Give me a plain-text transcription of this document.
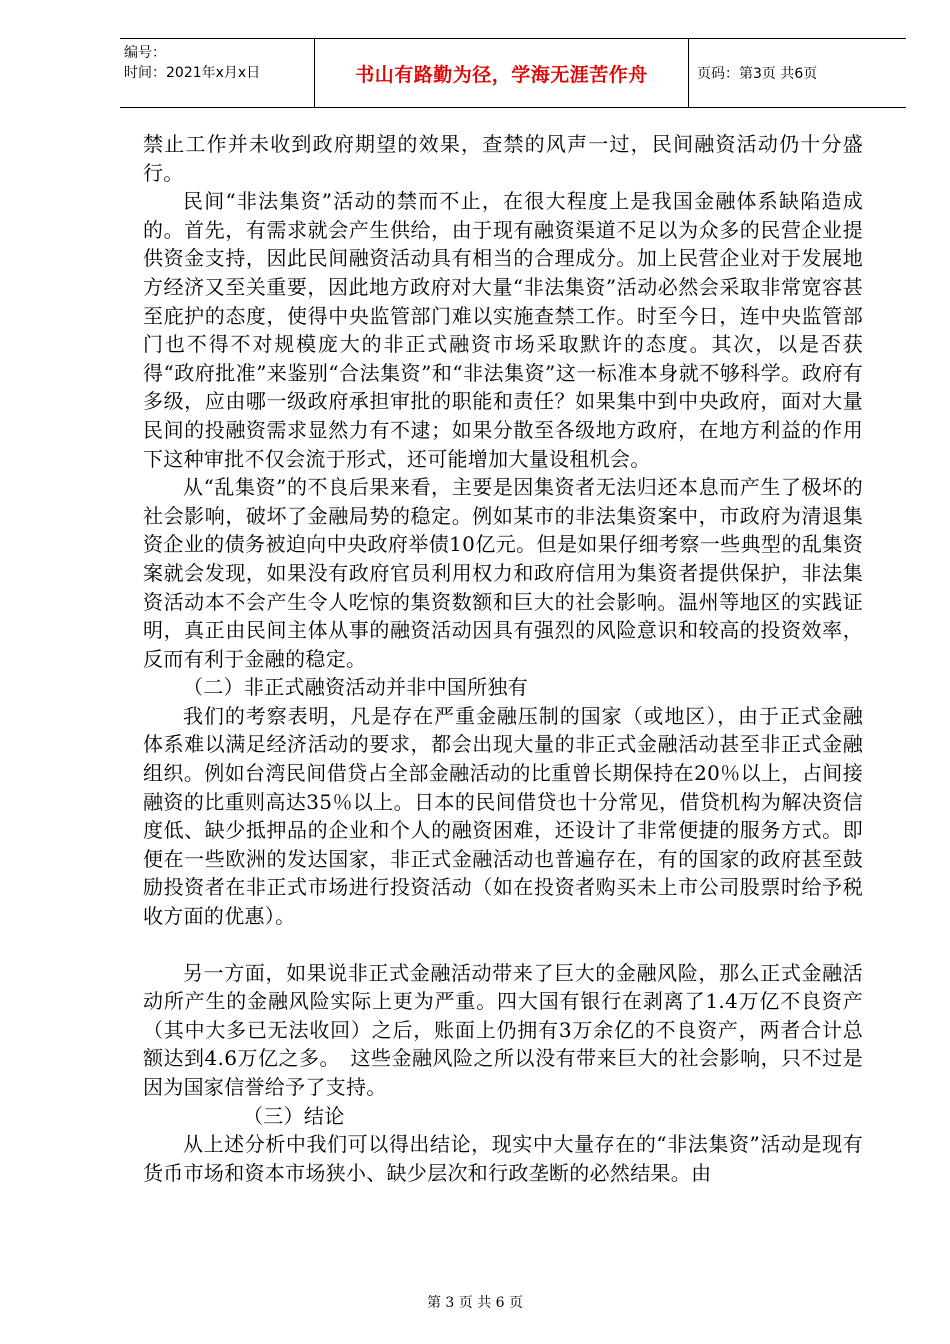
编号：
时间：2021年x月x日	书山有路勤为径，学海无涯苦作舟	页码：第3页 共6页

禁止工作并未收到政府期望的效果，查禁的风声一过，民间融资活动仍十分盛行。

民间“非法集资”活动的禁而不止，在很大程度上是我国金融体系缺陷造成的。首先，有需求就会产生供给，由于现有融资渠道不足以为众多的民营企业提供资金支持，因此民间融资活动具有相当的合理成分。加上民营企业对于发展地方经济又至关重要，因此地方政府对大量“非法集资”活动必然会采取非常宽容甚至庇护的态度，使得中央监管部门难以实施查禁工作。时至今日，连中央监管部门也不得不对规模庞大的非正式融资市场采取默许的态度。其次，以是否获得“政府批准”来鉴别“合法集资”和“非法集资”这一标准本身就不够科学。政府有多级，应由哪一级政府承担审批的职能和责任？如果集中到中央政府，面对大量民间的投融资需求显然力有不逮；如果分散至各级地方政府，在地方利益的作用下这种审批不仅会流于形式，还可能增加大量设租机会。

从“乱集资”的不良后果来看，主要是因集资者无法归还本息而产生了极坏的社会影响，破坏了金融局势的稳定。例如某市的非法集资案中，市政府为清退集资企业的债务被迫向中央政府举债10亿元。但是如果仔细考察一些典型的乱集资案就会发现，如果没有政府官员利用权力和政府信用为集资者提供保护，非法集资活动本不会产生令人吃惊的集资数额和巨大的社会影响。温州等地区的实践证明，真正由民间主体从事的融资活动因具有强烈的风险意识和较高的投资效率，反而有利于金融的稳定。

（二）非正式融资活动并非中国所独有

我们的考察表明，凡是存在严重金融压制的国家（或地区），由于正式金融体系难以满足经济活动的要求，都会出现大量的非正式金融活动甚至非正式金融组织。例如台湾民间借贷占全部金融活动的比重曾长期保持在20％以上，占间接融资的比重则高达35％以上。日本的民间借贷也十分常见，借贷机构为解决资信度低、缺少抵押品的企业和个人的融资困难，还设计了非常便捷的服务方式。即便在一些欧洲的发达国家，非正式金融活动也普遍存在，有的国家的政府甚至鼓励投资者在非正式市场进行投资活动（如在投资者购买未上市公司股票时给予税收方面的优惠）。

另一方面，如果说非正式金融活动带来了巨大的金融风险，那么正式金融活动所产生的金融风险实际上更为严重。四大国有银行在剥离了1.4万亿不良资产（其中大多已无法收回）之后，账面上仍拥有3万余亿的不良资产，两者合计总额达到4.6万亿之多。　这些金融风险之所以没有带来巨大的社会影响，只不过是因为国家信誉给予了支持。

（三）结论

从上述分析中我们可以得出结论，现实中大量存在的“非法集资”活动是现有货币市场和资本市场狭小、缺少层次和行政垄断的必然结果。由

第 3 页 共 6 页
